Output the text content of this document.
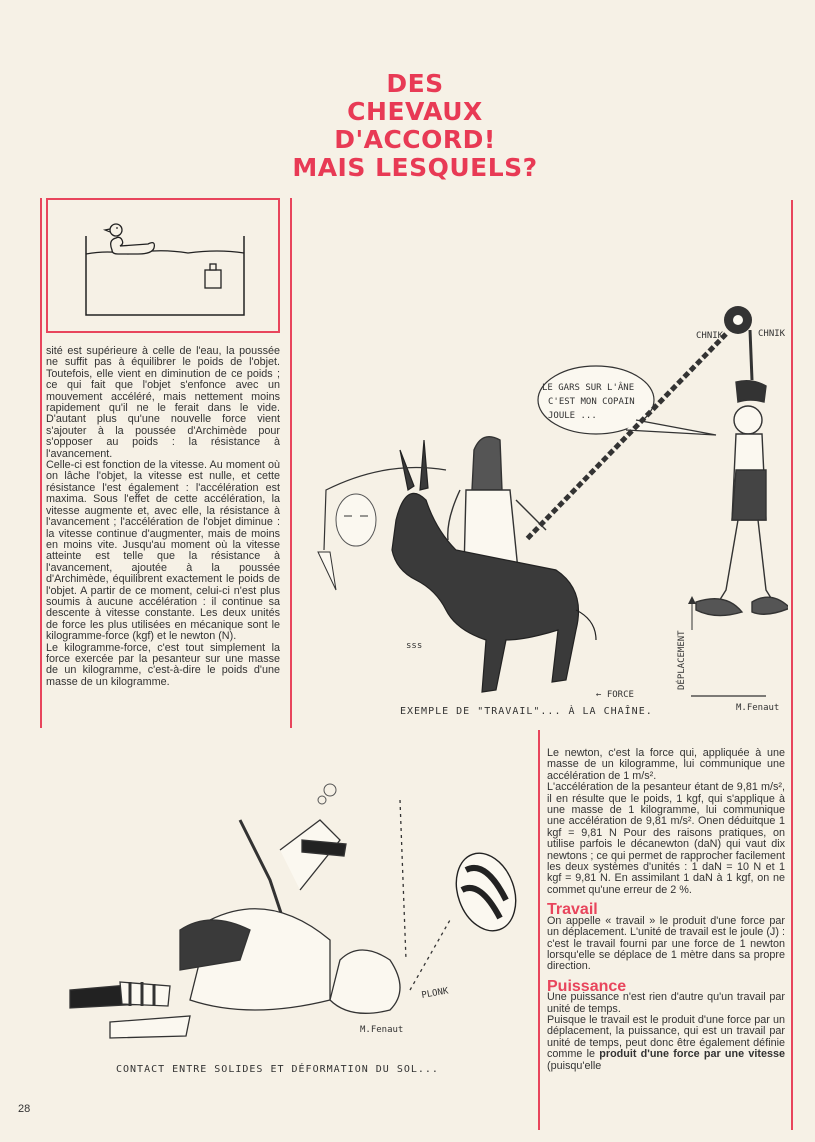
DES
CHEVAUX
D'ACCORD!
MAIS LESQUELS?

sité est supérieure à celle de l'eau, la poussée ne suffit pas à équilibrer le poids de l'objet. Toutefois, elle vient en diminution de ce poids ; ce qui fait que l'objet s'enfonce avec un mouvement accéléré, mais nettement moins rapidement qu'il ne le ferait dans le vide. D'autant plus qu'une nouvelle force vient s'ajouter à la poussée d'Archimède pour s'opposer au poids : la résistance à l'avancement.

Celle-ci est fonction de la vitesse. Au moment où on lâche l'objet, la vitesse est nulle, et cette résistance l'est également : l'accélération est maxima. Sous l'effet de cette accélération, la vitesse augmente et, avec elle, la résistance à l'avancement ; l'accélération de l'objet diminue : la vitesse continue d'augmenter, mais de moins en moins vite. Jusqu'au moment où la vitesse atteinte est telle que la résistance à l'avancement, ajoutée à la poussée d'Archimède, équilibrent exactement le poids de l'objet. A partir de ce moment, celui-ci n'est plus soumis à aucune accélération : il continue sa descente à vitesse constante. Les deux unités de force les plus utilisées en mécanique sont le kilogramme-force (kgf) et le newton (N).

Le kilogramme-force, c'est tout simplement la force exercée par la pesanteur sur une masse de un kilogramme, c'est-à-dire le poids d'une masse de un kilogramme.

LE GARS SUR L'ÂNE
C'EST MON COPAIN
JOULE ...
CHNIK	CHNIK
sss
← FORCE
DÉPLACEMENT
M.Fenaut
EXEMPLE DE "TRAVAIL"... À LA CHAÎNE.
PLONK
M.Fenaut
CONTACT ENTRE SOLIDES ET DÉFORMATION DU SOL...

Le newton, c'est la force qui, appliquée à une masse de un kilogramme, lui communique une accélération de 1 m/s².

L'accélération de la pesanteur étant de 9,81 m/s², il en résulte que le poids, 1 kgf, qui s'applique à une masse de 1 kilogramme, lui communique une accélération de 9,81 m/s². Onen déduitque 1 kgf = 9,81 N Pour des raisons pratiques, on utilise parfois le décanewton (daN) qui vaut dix newtons ; ce qui permet de rapprocher facilement les deux systèmes d'unités : 1 daN = 10 N et 1 kgf = 9,81 N. En assimilant 1 daN à 1 kgf, on ne commet qu'une erreur de 2 %.

Travail

On appelle « travail » le produit d'une force par un déplacement. L'unité de travail est le joule (J) : c'est le travail fourni par une force de 1 newton lorsqu'elle se déplace de 1 mètre dans sa propre direction.

Puissance

Une puissance n'est rien d'autre qu'un travail par unité de temps.

Puisque le travail est le produit d'une force par un déplacement, la puissance, qui est un travail par unité de temps, peut donc être également définie comme le produit d'une force par une vitesse (puisqu'elle

28
